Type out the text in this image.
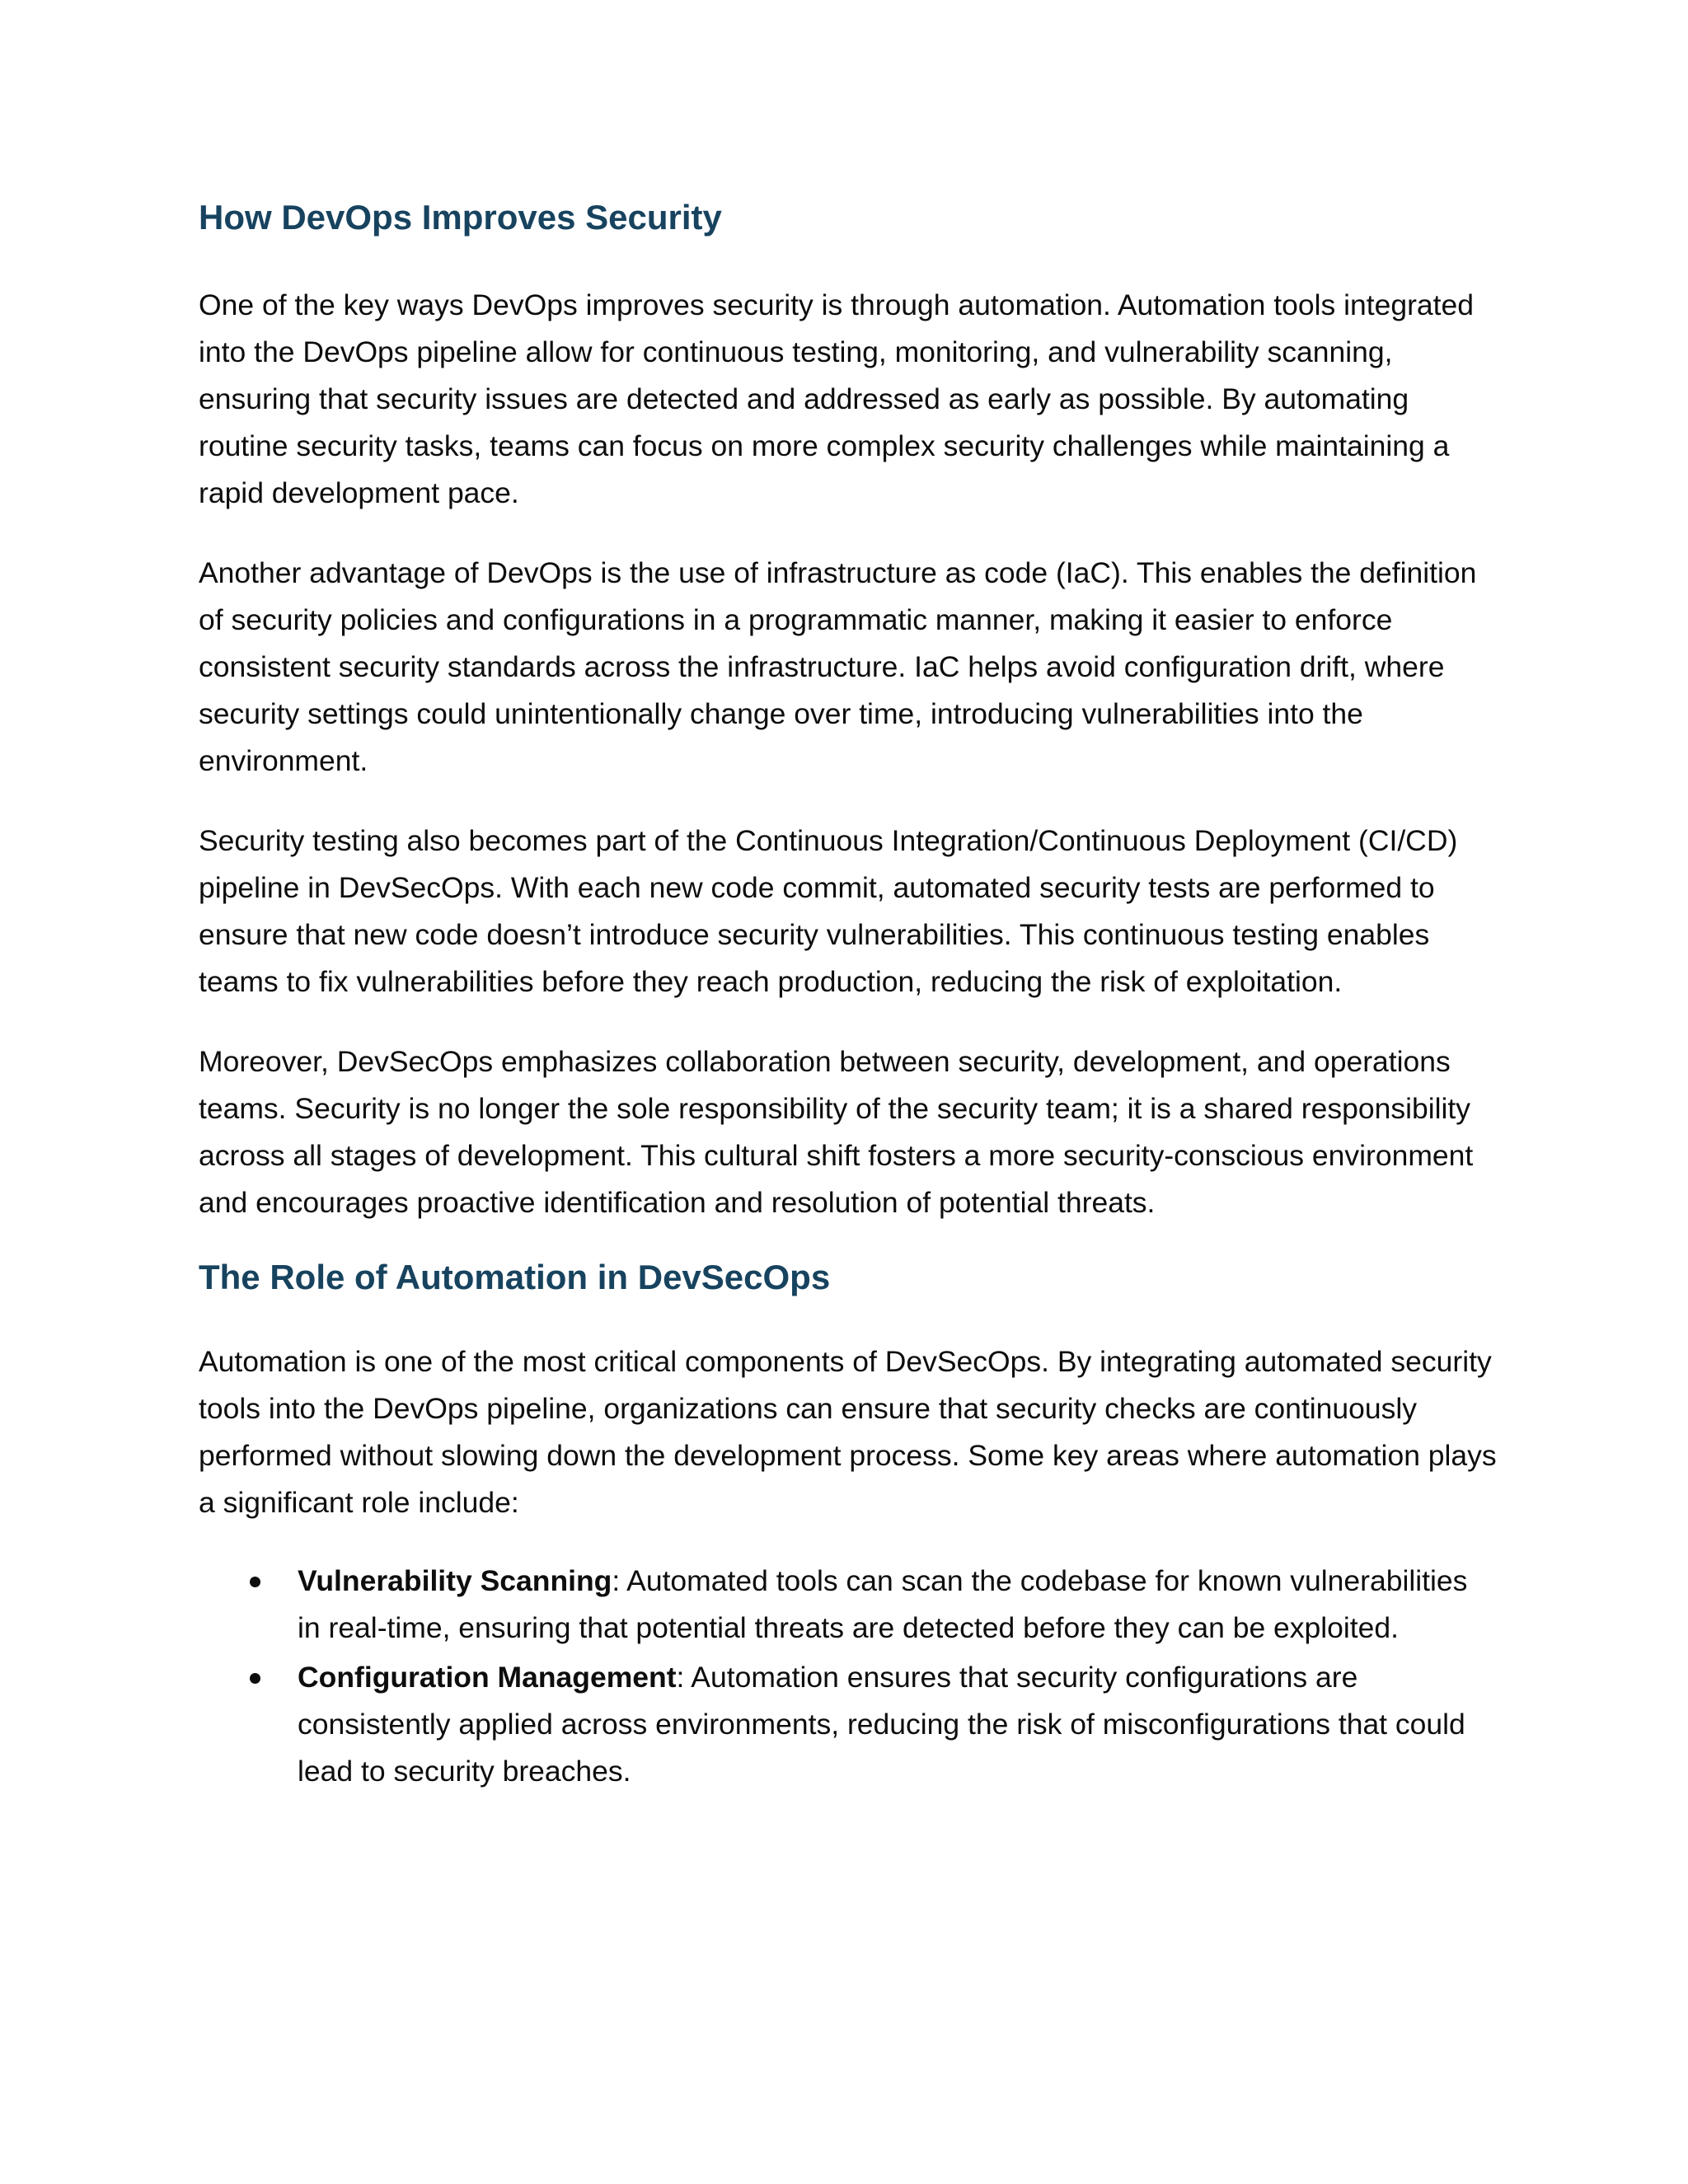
How DevOps Improves Security

One of the key ways DevOps improves security is through automation. Automation tools integrated into the DevOps pipeline allow for continuous testing, monitoring, and vulnerability scanning, ensuring that security issues are detected and addressed as early as possible. By automating routine security tasks, teams can focus on more complex security challenges while maintaining a rapid development pace.

Another advantage of DevOps is the use of infrastructure as code (IaC). This enables the definition of security policies and configurations in a programmatic manner, making it easier to enforce consistent security standards across the infrastructure. IaC helps avoid configuration drift, where security settings could unintentionally change over time, introducing vulnerabilities into the environment.

Security testing also becomes part of the Continuous Integration/Continuous Deployment (CI/CD) pipeline in DevSecOps. With each new code commit, automated security tests are performed to ensure that new code doesn’t introduce security vulnerabilities. This continuous testing enables teams to fix vulnerabilities before they reach production, reducing the risk of exploitation.

Moreover, DevSecOps emphasizes collaboration between security, development, and operations teams. Security is no longer the sole responsibility of the security team; it is a shared responsibility across all stages of development. This cultural shift fosters a more security-conscious environment and encourages proactive identification and resolution of potential threats.

The Role of Automation in DevSecOps

Automation is one of the most critical components of DevSecOps. By integrating automated security tools into the DevOps pipeline, organizations can ensure that security checks are continuously performed without slowing down the development process. Some key areas where automation plays a significant role include:

Vulnerability Scanning: Automated tools can scan the codebase for known vulnerabilities in real-time, ensuring that potential threats are detected before they can be exploited.
Configuration Management: Automation ensures that security configurations are consistently applied across environments, reducing the risk of misconfigurations that could lead to security breaches.
